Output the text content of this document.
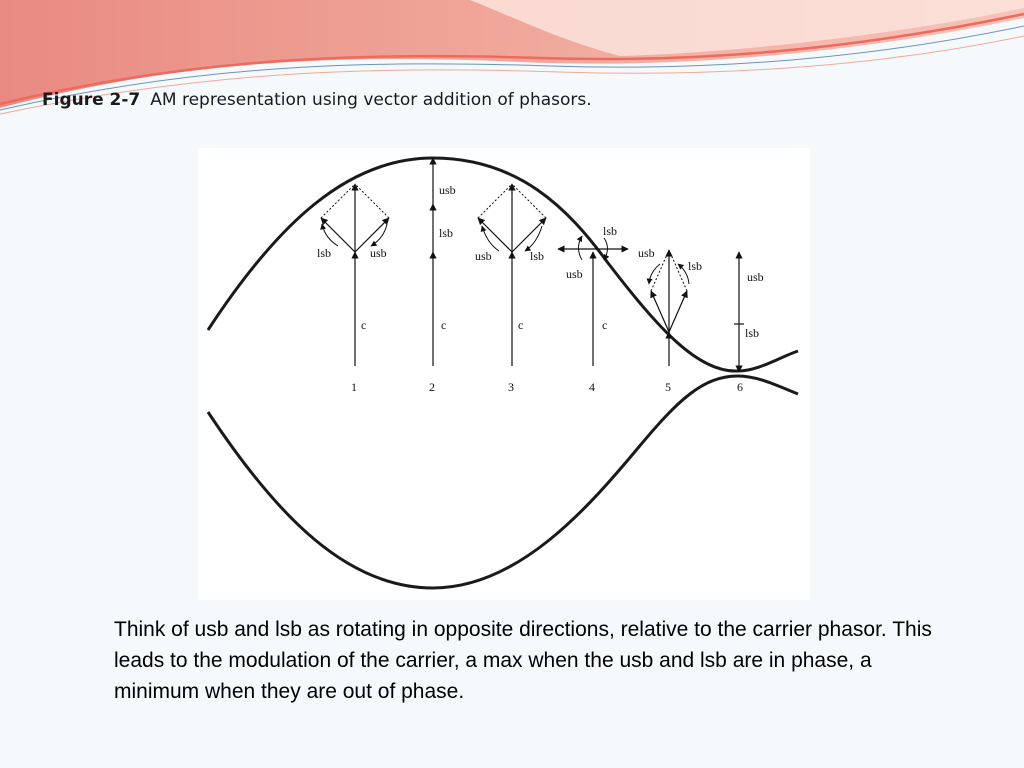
Figure 2-7 AM representation using vector addition of phasors.
lsb	usb
c
1
usb
lsb
c
2
usb	lsb
c
3
lsb
usb
c
4
usb
lsb
5
usb
lsb
6

Think of usb and lsb as rotating in opposite directions, relative to the carrier phasor. This leads to the modulation of the carrier, a max when the usb and lsb are in phase, a minimum when they are out of phase.
